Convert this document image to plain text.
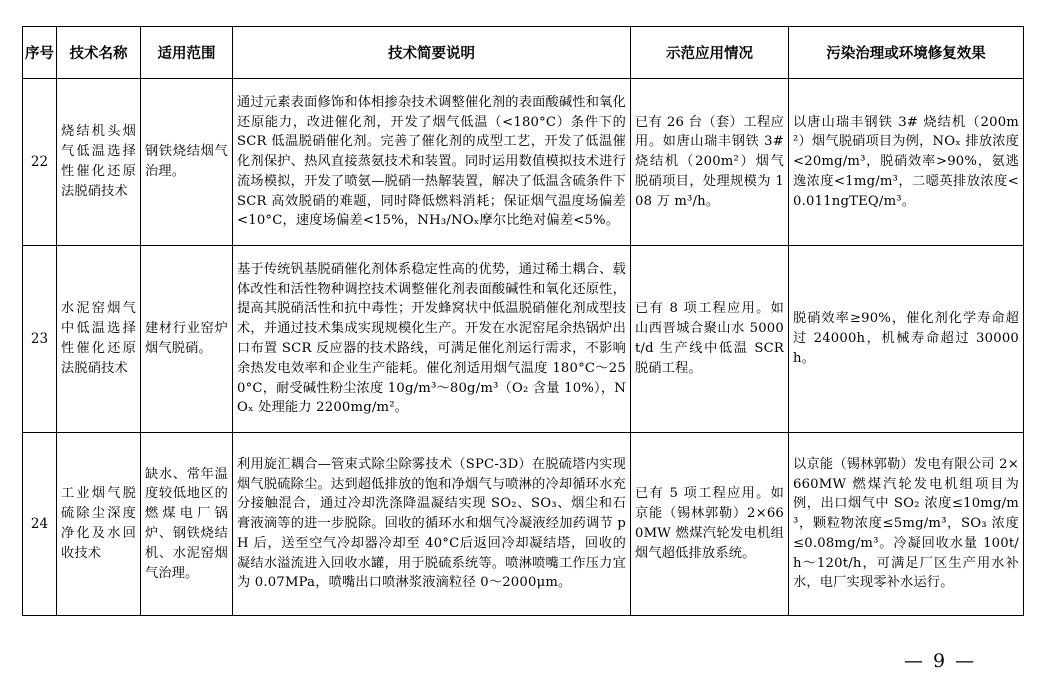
序号	技术名称	适用范围	技术简要说明	示范应用情况	污染治理或环境修复效果
22	烧结机头烟气低温选择性催化还原法脱硝技术	钢铁烧结烟气治理。	通过元素表面修饰和体相掺杂技术调整催化剂的表面酸碱性和氧化还原能力，改进催化剂，开发了烟气低温（<180°C）条件下的 SCR 低温脱硝催化剂。完善了催化剂的成型工艺，开发了低温催化剂保护、热风直接蒸氨技术和装置。同时运用数值模拟技术进行流场模拟，开发了喷氨—脱硝一热解装置，解决了低温含硫条件下 SCR 高效脱硝的难题，同时降低燃料消耗；保证烟气温度场偏差<10°C，速度场偏差<15%，NH₃/NOₓ摩尔比绝对偏差<5%。	已有 26 台（套）工程应用。如唐山瑞丰钢铁 3# 烧结机（200m²）烟气脱硝项目，处理规模为 108 万 m³/h。	以唐山瑞丰钢铁 3# 烧结机（200m²）烟气脱硝项目为例，NOₓ 排放浓度<20mg/m³，脱硝效率>90%，氨逃逸浓度<1mg/m³，二噁英排放浓度<0.011ngTEQ/m³。
23	水泥窑烟气中低温选择性催化还原法脱硝技术	建材行业窑炉烟气脱硝。	基于传统钒基脱硝催化剂体系稳定性高的优势，通过稀土耦合、载体改性和活性物种调控技术调整催化剂表面酸碱性和氧化还原性，提高其脱硝活性和抗中毒性；开发蜂窝状中低温脱硝催化剂成型技术，并通过技术集成实现规模化生产。开发在水泥窑尾余热锅炉出口布置 SCR 反应器的技术路线，可满足催化剂运行需求，不影响余热发电效率和企业生产能耗。催化剂适用烟气温度 180°C～250°C，耐受碱性粉尘浓度 10g/m³～80g/m³（O₂ 含量 10%），NOₓ 处理能力 2200mg/m²。	已有 8 项工程应用。如山西晋城合聚山水 5000t/d 生产线中低温 SCR 脱硝工程。	脱硝效率≥90%，催化剂化学寿命超过 24000h，机械寿命超过 30000h。
24	工业烟气脱硫除尘深度净化及水回收技术	缺水、常年温度较低地区的燃煤电厂锅炉、钢铁烧结机、水泥窑烟气治理。	利用旋汇耦合—管束式除尘除雾技术（SPC-3D）在脱硫塔内实现烟气脱硫除尘。达到超低排放的饱和净烟气与喷淋的冷却循环水充分接触混合，通过冷却洗涤降温凝结实现 SO₂、SO₃、烟尘和石膏液滴等的进一步脱除。回收的循环水和烟气冷凝液经加药调节 pH 后，送至空气冷却器冷却至 40°C后返回冷却凝结塔，回收的凝结水溢流进入回收水罐，用于脱硫系统等。喷淋喷嘴工作压力宜为 0.07MPa，喷嘴出口喷淋浆液滴粒径 0～2000μm。	已有 5 项工程应用。如京能（锡林郭勒）2×660MW 燃煤汽轮发电机组烟气超低排放系统。	以京能（锡林郭勒）发电有限公司 2×660MW 燃煤汽轮发电机组项目为例，出口烟气中 SO₂ 浓度≤10mg/m³，颗粒物浓度≤5mg/m³，SO₃ 浓度≤0.08mg/m³。冷凝回收水量 100t/h～120t/h，可满足厂区生产用水补水，电厂实现零补水运行。
— 9 —
